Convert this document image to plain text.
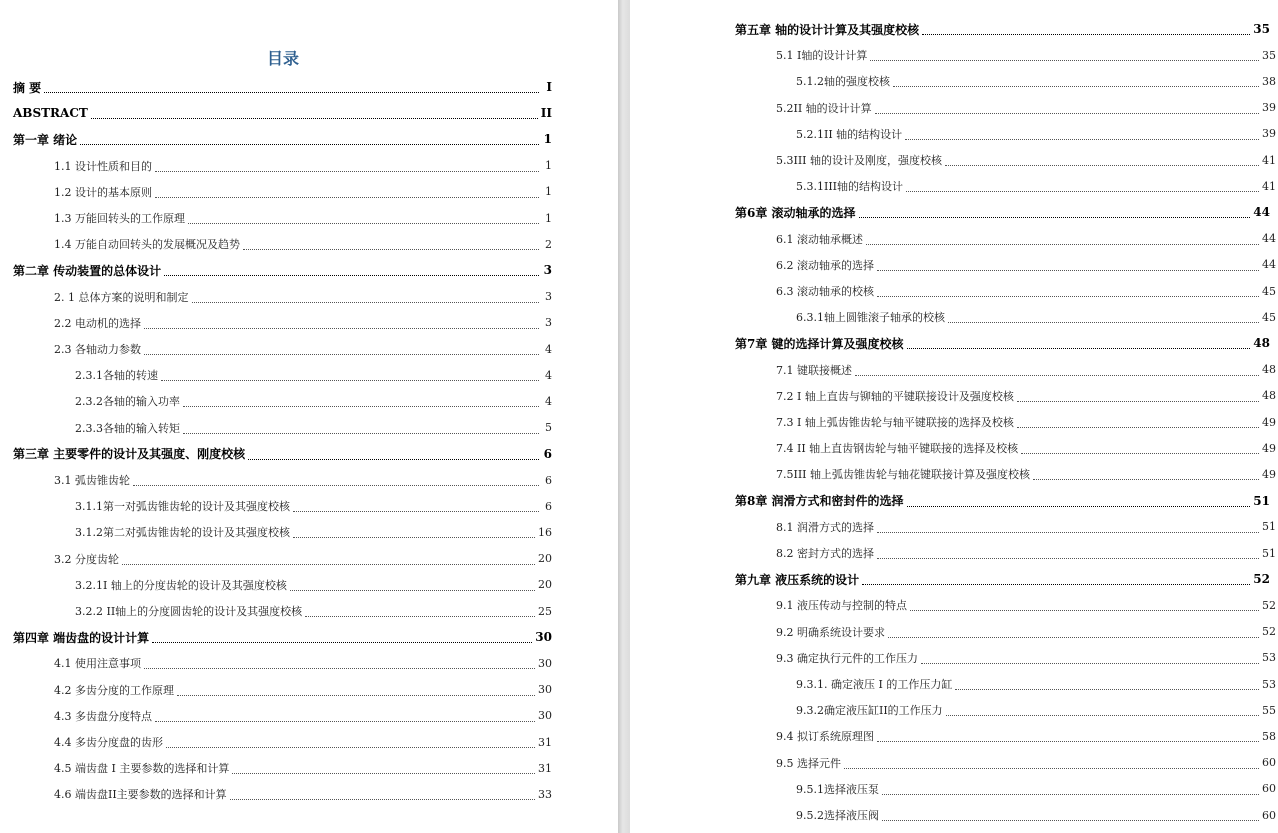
目录
摘 要	I
ABSTRACT	II
第一章 绪论	1
1.1 设计性质和目的	1
1.2 设计的基本原则	1
1.3 万能回转头的工作原理	1
1.4 万能自动回转头的发展概况及趋势	2
第二章 传动装置的总体设计	3
2. 1 总体方案的说明和制定	3
2.2 电动机的选择	3
2.3 各轴动力参数	4
2.3.1各轴的转速	4
2.3.2各轴的输入功率	4
2.3.3各轴的输入转矩	5
第三章 主要零件的设计及其强度、刚度校核	6
3.1 弧齿锥齿轮	6
3.1.1第一对弧齿锥齿轮的设计及其强度校核	6
3.1.2第二对弧齿锥齿轮的设计及其强度校核	16
3.2 分度齿轮	20
3.2.1I 轴上的分度齿轮的设计及其强度校核	20
3.2.2 II轴上的分度圆齿轮的设计及其强度校核	25
第四章 端齿盘的设计计算	30
4.1 使用注意事项	30
4.2 多齿分度的工作原理	30
4.3 多齿盘分度特点	30
4.4 多齿分度盘的齿形	31
4.5 端齿盘 I 主要参数的选择和计算	31
4.6 端齿盘II主要参数的选择和计算	33
第五章 轴的设计计算及其强度校核	35
5.1 I轴的设计计算	35
5.1.2轴的强度校核	38
5.2II 轴的设计计算	39
5.2.1II 轴的结构设计	39
5.3III 轴的设计及刚度，强度校核	41
5.3.1III轴的结构设计	41
第6章 滚动轴承的选择	44
6.1 滚动轴承概述	44
6.2 滚动轴承的选择	44
6.3 滚动轴承的校核	45
6.3.1轴上圆锥滚子轴承的校核	45
第7章 键的选择计算及强度校核	48
7.1 键联接概述	48
7.2 I 轴上直齿与铆轴的平键联接设计及强度校核	48
7.3 I 轴上弧齿锥齿轮与轴平键联接的选择及校核	49
7.4 II 轴上直齿钢齿轮与轴平键联接的选择及校核	49
7.5III 轴上弧齿锥齿轮与轴花键联接计算及强度校核	49
第8章 润滑方式和密封件的选择	51
8.1 润滑方式的选择	51
8.2 密封方式的选择	51
第九章 液压系统的设计	52
9.1 液压传动与控制的特点	52
9.2 明确系统设计要求	52
9.3 确定执行元件的工作压力	53
9.3.1. 确定液压 I 的工作压力缸	53
9.3.2确定液压缸II的工作压力	55
9.4 拟订系统原理图	58
9.5 选择元件	60
9.5.1选择液压泵	60
9.5.2选择液压阀	60
